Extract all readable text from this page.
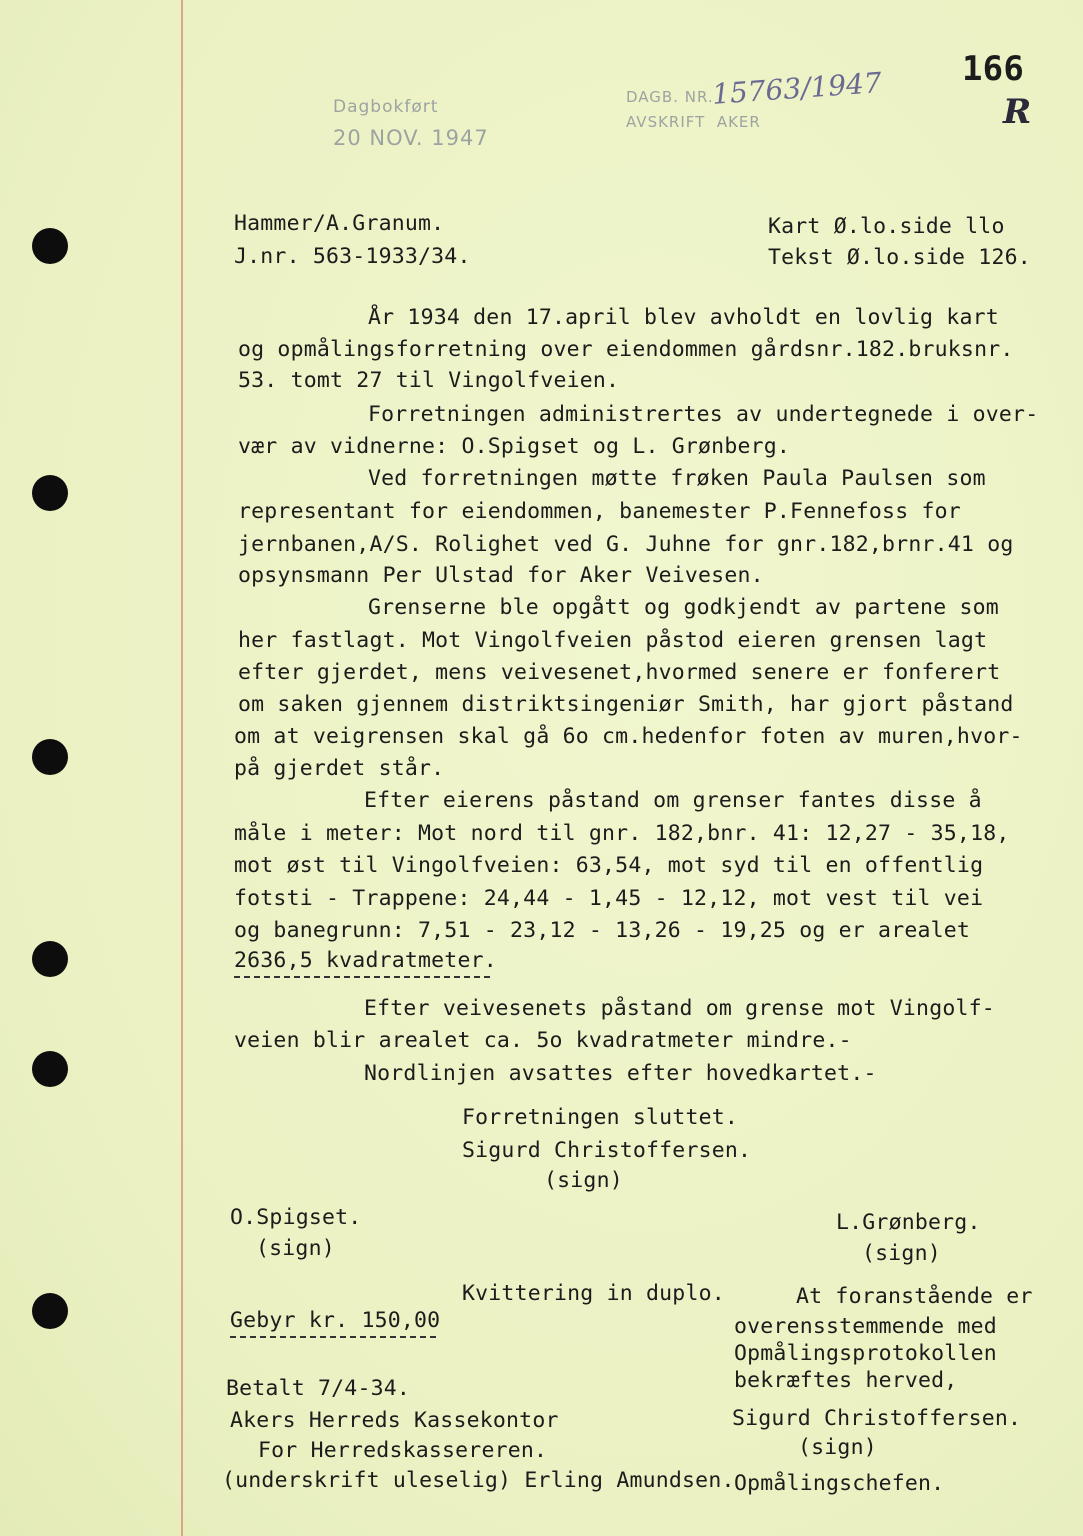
Dagbokført
20 NOV. 1947
DAGB. NR.
15763/1947
AVSKRIFT  AKER
166
R
Hammer/A.Granum.
J.nr. 563-1933/34.
Kart Ø.lo.side llo
Tekst Ø.lo.side 126.
År 1934 den 17.april blev avholdt en lovlig kart
og opmålingsforretning over eiendommen gårdsnr.182.bruksnr.
53. tomt 27 til Vingolfveien.
Forretningen administrertes av undertegnede i over-
vær av vidnerne: O.Spigset og L. Grønberg.
Ved forretningen møtte frøken Paula Paulsen som
representant for eiendommen, banemester P.Fennefoss for
jernbanen,A/S. Rolighet ved G. Juhne for gnr.182,brnr.41 og
opsynsmann Per Ulstad for Aker Veivesen.
Grenserne ble opgått og godkjendt av partene som
her fastlagt. Mot Vingolfveien påstod eieren grensen lagt
efter gjerdet, mens veivesenet,hvormed senere er fonferert
om saken gjennem distriktsingeniør Smith, har gjort påstand
om at veigrensen skal gå 6o cm.hedenfor foten av muren,hvor-
på gjerdet står.
Efter eierens påstand om grenser fantes disse å
måle i meter: Mot nord til gnr. 182,bnr. 41: 12,27 - 35,18,
mot øst til Vingolfveien: 63,54, mot syd til en offentlig
fotsti - Trappene: 24,44 - 1,45 - 12,12, mot vest til vei
og banegrunn: 7,51 - 23,12 - 13,26 - 19,25 og er arealet
2636,5 kvadratmeter.
Efter veivesenets påstand om grense mot Vingolf-
veien blir arealet ca. 5o kvadratmeter mindre.-
Nordlinjen avsattes efter hovedkartet.-
Forretningen sluttet.
Sigurd Christoffersen.
(sign)
O.Spigset.
(sign)
L.Grønberg.
(sign)
Kvittering in duplo.
Gebyr kr. 150,00
Betalt 7/4-34.
Akers Herreds Kassekontor
For Herredskassereren.
(underskrift uleselig) Erling Amundsen.
At foranstående er
overensstemmende med
Opmålingsprotokollen
bekræftes herved,
Sigurd Christoffersen.
(sign)
Opmålingschefen.
